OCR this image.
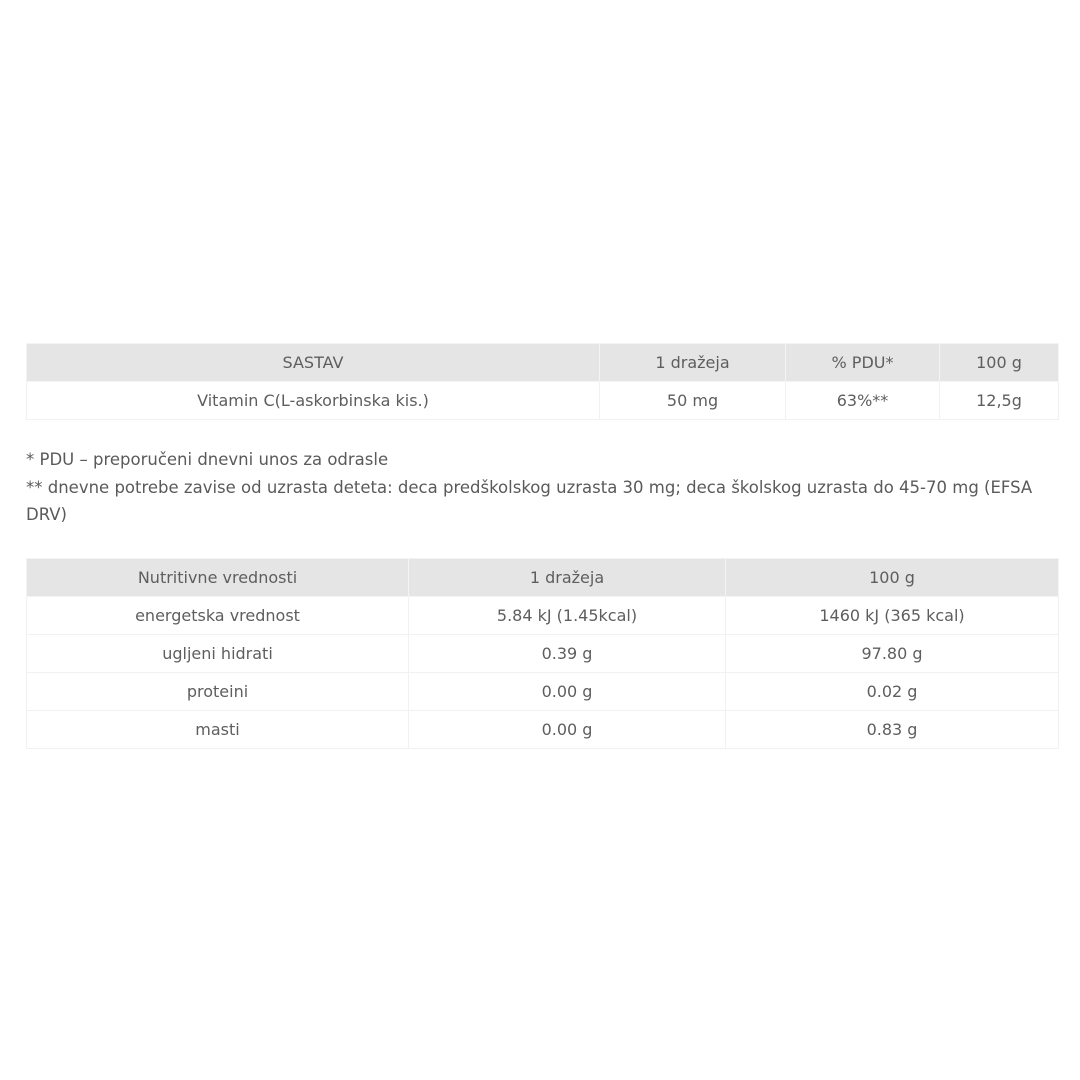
SASTAV	1 dražeja	% PDU*	100 g
Vitamin C(L-askorbinska kis.)	50 mg	63%**	12,5g

* PDU – preporučeni dnevni unos za odrasle

** dnevne potrebe zavise od uzrasta deteta: deca predškolskog uzrasta 30 mg; deca školskog uzrasta do 45-70 mg (EFSA DRV)

Nutritivne vrednosti	1 dražeja	100 g
energetska vrednost	5.84 kJ (1.45kcal)	1460 kJ (365 kcal)
ugljeni hidrati	0.39 g	97.80 g
proteini	0.00 g	0.02 g
masti	0.00 g	0.83 g
